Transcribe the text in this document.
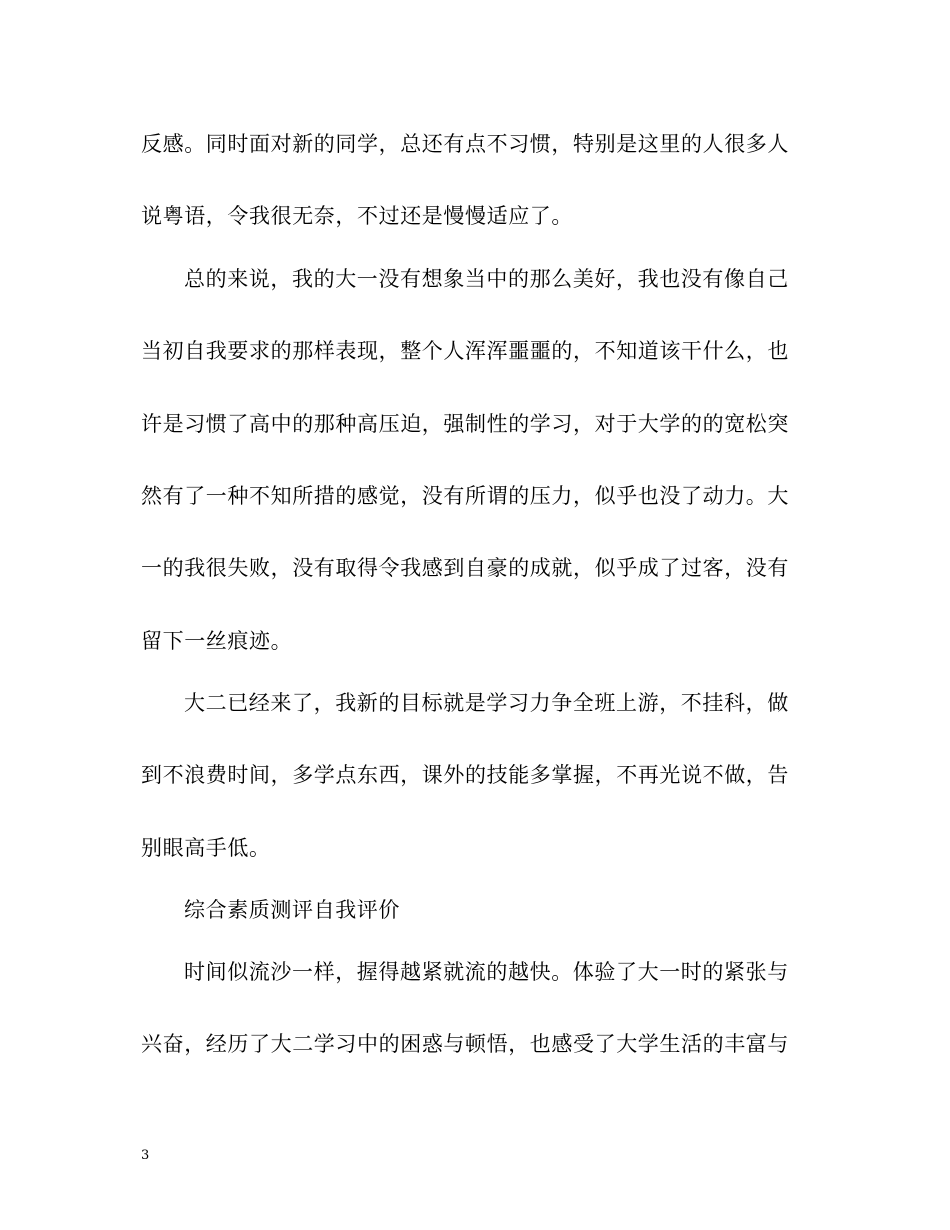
反感。同时面对新的同学，总还有点不习惯，特别是这里的人很多人
说粤语，令我很无奈，不过还是慢慢适应了。
总的来说，我的大一没有想象当中的那么美好，我也没有像自己
当初自我要求的那样表现，整个人浑浑噩噩的，不知道该干什么，也
许是习惯了高中的那种高压迫，强制性的学习，对于大学的的宽松突
然有了一种不知所措的感觉，没有所谓的压力，似乎也没了动力。大
一的我很失败，没有取得令我感到自豪的成就，似乎成了过客，没有
留下一丝痕迹。
大二已经来了，我新的目标就是学习力争全班上游，不挂科，做
到不浪费时间，多学点东西，课外的技能多掌握，不再光说不做，告
别眼高手低。
综合素质测评自我评价
时间似流沙一样，握得越紧就流的越快。体验了大一时的紧张与
兴奋，经历了大二学习中的困惑与顿悟，也感受了大学生活的丰富与
3
